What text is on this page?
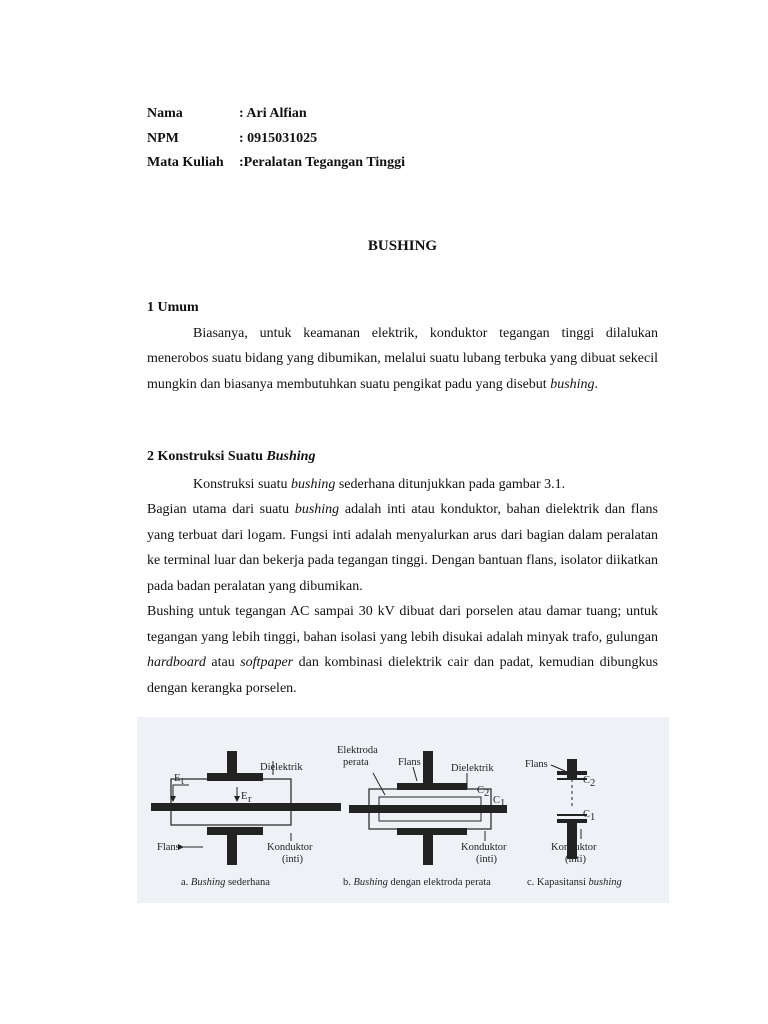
Nama	: Ari Alfian
NPM	: 0915031025
Mata Kuliah	:Peralatan Tegangan Tinggi
BUSHING
1 Umum

Biasanya, untuk keamanan elektrik, konduktor tegangan tinggi dilalukan menerobos suatu bidang yang dibumikan, melalui suatu lubang terbuka yang dibuat sekecil mungkin dan biasanya membutuhkan suatu pengikat padu yang disebut bushing.

2 Konstruksi Suatu Bushing

Konstruksi suatu bushing sederhana ditunjukkan pada gambar 3.1.

Bagian utama dari suatu bushing adalah inti atau konduktor, bahan dielektrik dan flans yang terbuat dari logam. Fungsi inti adalah menyalurkan arus dari bagian dalam peralatan ke terminal luar dan bekerja pada tegangan tinggi. Dengan bantuan flans, isolator diikatkan pada badan peralatan yang dibumikan.

Bushing untuk tegangan AC sampai 30 kV dibuat dari porselen atau damar tuang; untuk tegangan yang lebih tinggi, bahan isolasi yang lebih disukai adalah minyak trafo, gulungan hardboard atau softpaper dan kombinasi dielektrik cair dan padat, kemudian dibungkus dengan kerangka porselen.

E t
E r
Dielektrik
Flans	Konduktor
(inti)
a. Bushing sederhana
Elektroda
perata	Flans
Dielektrik
C 2
C 1
Konduktor
(inti)
b. Bushing dengan elektroda perata
Flans
C 2
C 1
Konduktor
(inti)
c. Kapasitansi bushing
